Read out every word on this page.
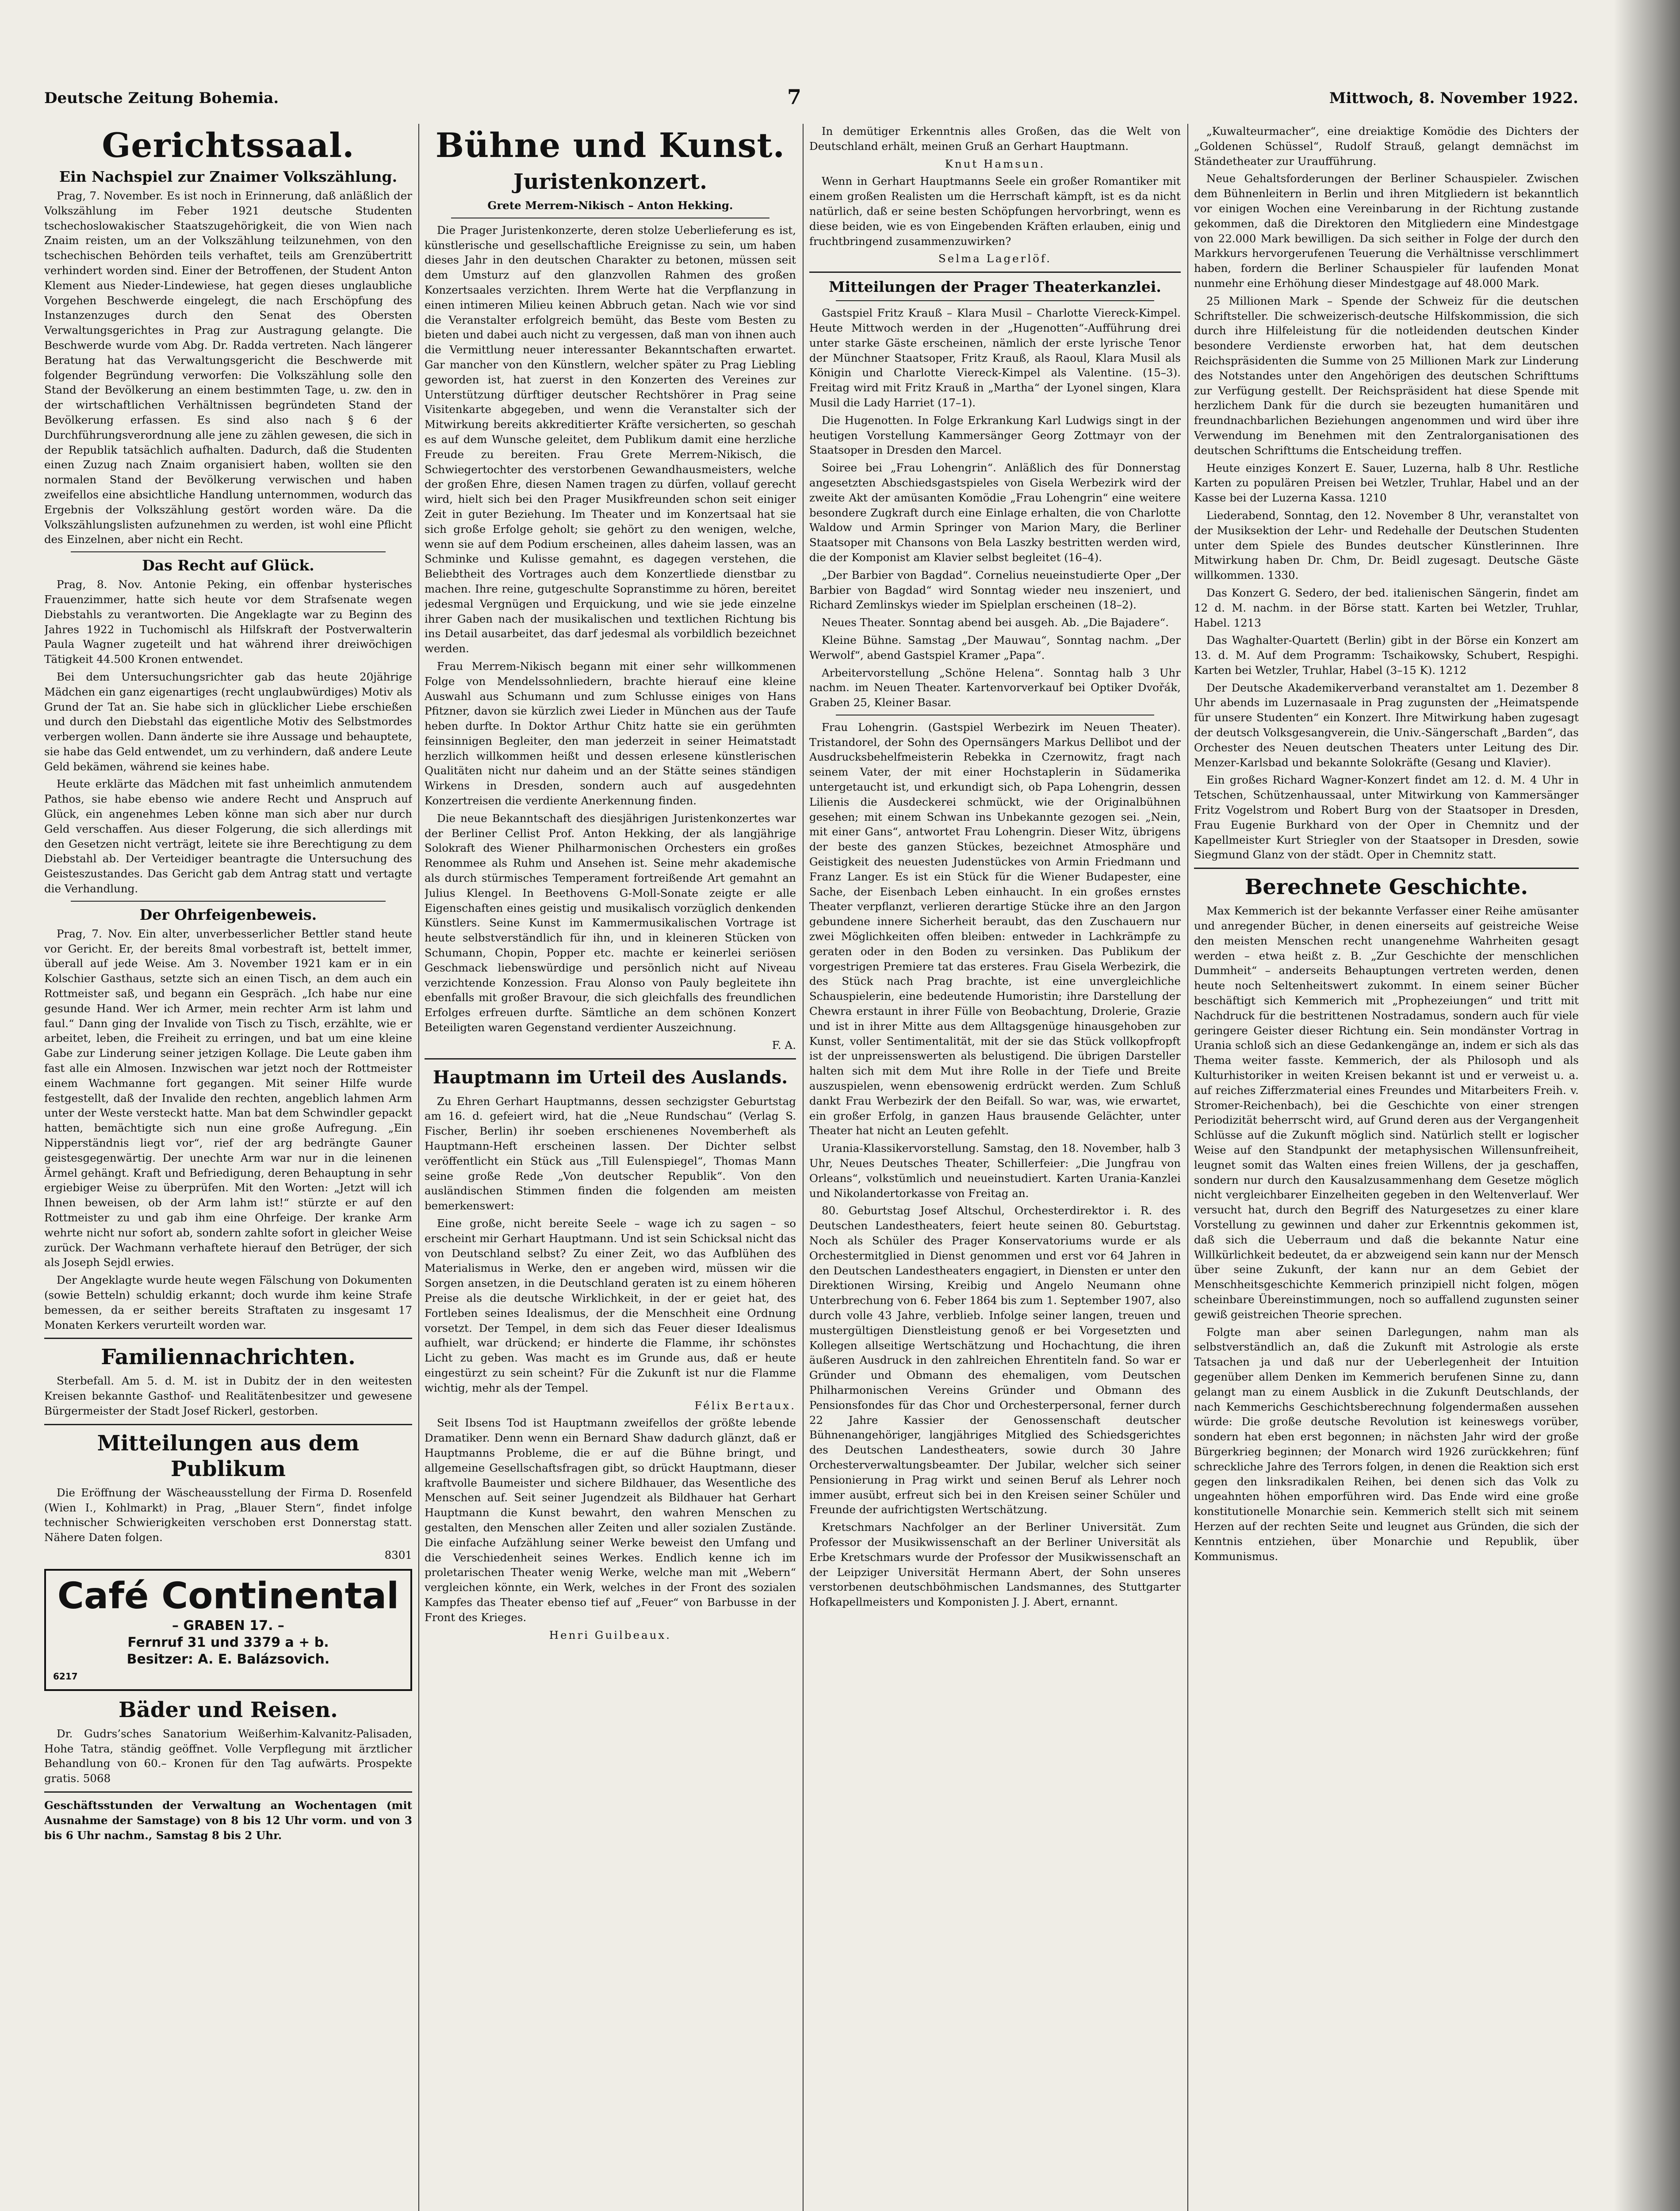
Deutsche Zeitung Bohemia.	7	Mittwoch, 8. November 1922.
Gerichtssaal.
Ein Nachspiel zur Znaimer Volkszählung.

Prag, 7. November. Es ist noch in Erinnerung, daß anläßlich der Volkszählung im Feber 1921 deutsche Studenten tschechoslowakischer Staatszugehörigkeit, die von Wien nach Znaim reisten, um an der Volkszählung teilzunehmen, von den tschechischen Behörden teils verhaftet, teils am Grenzübertritt verhindert worden sind. Einer der Betroffenen, der Student Anton Klement aus Nieder-Lindewiese, hat gegen dieses unglaubliche Vorgehen Beschwerde eingelegt, die nach Erschöpfung des Instanzenzuges durch den Senat des Obersten Verwaltungsgerichtes in Prag zur Austragung gelangte. Die Beschwerde wurde vom Abg. Dr. Radda vertreten. Nach längerer Beratung hat das Verwaltungsgericht die Beschwerde mit folgender Begründung verworfen: Die Volkszählung solle den Stand der Bevölkerung an einem bestimmten Tage, u. zw. den in der wirtschaftlichen Verhältnissen begründeten Stand der Bevölkerung erfassen. Es sind also nach § 6 der Durchführungsverordnung alle jene zu zählen gewesen, die sich in der Republik tatsächlich aufhalten. Dadurch, daß die Studenten einen Zuzug nach Znaim organisiert haben, wollten sie den normalen Stand der Bevölkerung verwischen und haben zweifellos eine absichtliche Handlung unternommen, wodurch das Ergebnis der Volkszählung gestört worden wäre. Da die Volkszählungslisten aufzunehmen zu werden, ist wohl eine Pflicht des Einzelnen, aber nicht ein Recht.

Das Recht auf Glück.

Prag, 8. Nov. Antonie Peking, ein offenbar hysterisches Frauenzimmer, hatte sich heute vor dem Strafsenate wegen Diebstahls zu verantworten. Die Angeklagte war zu Beginn des Jahres 1922 in Tuchomischl als Hilfskraft der Postverwalterin Paula Wagner zugeteilt und hat während ihrer dreiwöchigen Tätigkeit 44.500 Kronen entwendet.

Bei dem Untersuchungsrichter gab das heute 20jährige Mädchen ein ganz eigenartiges (recht unglaubwürdiges) Motiv als Grund der Tat an. Sie habe sich in glücklicher Liebe erschießen und durch den Diebstahl das eigentliche Motiv des Selbstmordes verbergen wollen. Dann änderte sie ihre Aussage und behauptete, sie habe das Geld entwendet, um zu verhindern, daß andere Leute Geld bekämen, während sie keines habe.

Heute erklärte das Mädchen mit fast unheimlich anmutendem Pathos, sie habe ebenso wie andere Recht und Anspruch auf Glück, ein angenehmes Leben könne man sich aber nur durch Geld verschaffen. Aus dieser Folgerung, die sich allerdings mit den Gesetzen nicht verträgt, leitete sie ihre Berechtigung zu dem Diebstahl ab. Der Verteidiger beantragte die Untersuchung des Geisteszustandes. Das Gericht gab dem Antrag statt und vertagte die Verhandlung.

Der Ohrfeigenbeweis.

Prag, 7. Nov. Ein alter, unverbesserlicher Bettler stand heute vor Gericht. Er, der bereits 8mal vorbestraft ist, bettelt immer, überall auf jede Weise. Am 3. November 1921 kam er in ein Kolschier Gasthaus, setzte sich an einen Tisch, an dem auch ein Rottmeister saß, und begann ein Gespräch. „Ich habe nur eine gesunde Hand. Wer ich Armer, mein rechter Arm ist lahm und faul.“ Dann ging der Invalide von Tisch zu Tisch, erzählte, wie er arbeitet, leben, die Freiheit zu erringen, und bat um eine kleine Gabe zur Linderung seiner jetzigen Kollage. Die Leute gaben ihm fast alle ein Almosen. Inzwischen war jetzt noch der Rottmeister einem Wachmanne fort gegangen. Mit seiner Hilfe wurde festgestellt, daß der Invalide den rechten, angeblich lahmen Arm unter der Weste versteckt hatte. Man bat dem Schwindler gepackt hatten, bemächtigte sich nun eine große Aufregung. „Ein Nipperständnis liegt vor“, rief der arg bedrängte Gauner geistesgegenwärtig. Der unechte Arm war nur in die leinenen Ärmel gehängt. Kraft und Befriedigung, deren Behauptung in sehr ergiebiger Weise zu überprüfen. Mit den Worten: „Jetzt will ich Ihnen beweisen, ob der Arm lahm ist!“ stürzte er auf den Rottmeister zu und gab ihm eine Ohrfeige. Der kranke Arm wehrte nicht nur sofort ab, sondern zahlte sofort in gleicher Weise zurück. Der Wachmann verhaftete hierauf den Betrüger, der sich als Joseph Sejdl erwies.

Der Angeklagte wurde heute wegen Fälschung von Dokumenten (sowie Betteln) schuldig erkannt; doch wurde ihm keine Strafe bemessen, da er seither bereits Straftaten zu insgesamt 17 Monaten Kerkers verurteilt worden war.

Familiennachrichten.

Sterbefall. Am 5. d. M. ist in Dubitz der in den weitesten Kreisen bekannte Gasthof- und Realitätenbesitzer und gewesene Bürgermeister der Stadt Josef Rickerl, gestorben.

Mitteilungen aus dem Publikum

Die Eröffnung der Wäscheausstellung der Firma D. Rosenfeld (Wien I., Kohlmarkt) in Prag, „Blauer Stern“, findet infolge technischer Schwierigkeiten verschoben erst Donnerstag statt. Nähere Daten folgen.

8301

Café Continental
– GRABEN 17. –
Fernruf 31 und 3379 a + b.
Besitzer: A. E. Balázsovich.
6217
Bäder und Reisen.

Dr. Gudrs’sches Sanatorium Weißerhim-Kalvanitz-Palisaden, Hohe Tatra, ständig geöffnet. Volle Verpflegung mit ärztlicher Behandlung von 60.– Kronen für den Tag aufwärts. Prospekte gratis. 5068

Geschäftsstunden der Verwaltung an Wochentagen (mit Ausnahme der Samstage) von 8 bis 12 Uhr vorm. und von 3 bis 6 Uhr nachm., Samstag 8 bis 2 Uhr.

Bühne und Kunst.
Juristenkonzert.

Grete Merrem-Nikisch – Anton Hekking.

Die Prager Juristenkonzerte, deren stolze Ueberlieferung es ist, künstlerische und gesellschaftliche Ereignisse zu sein, um haben dieses Jahr in den deutschen Charakter zu betonen, müssen seit dem Umsturz auf den glanzvollen Rahmen des großen Konzertsaales verzichten. Ihrem Werte hat die Verpflanzung in einen intimeren Milieu keinen Abbruch getan. Nach wie vor sind die Veranstalter erfolgreich bemüht, das Beste vom Besten zu bieten und dabei auch nicht zu vergessen, daß man von ihnen auch die Vermittlung neuer interessanter Bekanntschaften erwartet. Gar mancher von den Künstlern, welcher später zu Prag Liebling geworden ist, hat zuerst in den Konzerten des Vereines zur Unterstützung dürftiger deutscher Rechtshörer in Prag seine Visitenkarte abgegeben, und wenn die Veranstalter sich der Mitwirkung bereits akkreditierter Kräfte versicherten, so geschah es auf dem Wunsche geleitet, dem Publikum damit eine herzliche Freude zu bereiten. Frau Grete Merrem-Nikisch, die Schwiegertochter des verstorbenen Gewandhausmeisters, welche der großen Ehre, diesen Namen tragen zu dürfen, vollauf gerecht wird, hielt sich bei den Prager Musikfreunden schon seit einiger Zeit in guter Beziehung. Im Theater und im Konzertsaal hat sie sich große Erfolge geholt; sie gehört zu den wenigen, welche, wenn sie auf dem Podium erscheinen, alles daheim lassen, was an Schminke und Kulisse gemahnt, es dagegen verstehen, die Beliebtheit des Vortrages auch dem Konzertliede dienstbar zu machen. Ihre reine, gutgeschulte Sopranstimme zu hören, bereitet jedesmal Vergnügen und Erquickung, und wie sie jede einzelne ihrer Gaben nach der musikalischen und textlichen Richtung bis ins Detail ausarbeitet, das darf jedesmal als vorbildlich bezeichnet werden.

Frau Merrem-Nikisch begann mit einer sehr willkommenen Folge von Mendelssohnliedern, brachte hierauf eine kleine Auswahl aus Schumann und zum Schlusse einiges von Hans Pfitzner, davon sie kürzlich zwei Lieder in München aus der Taufe heben durfte. In Doktor Arthur Chitz hatte sie ein gerühmten feinsinnigen Begleiter, den man jederzeit in seiner Heimatstadt herzlich willkommen heißt und dessen erlesene künstlerischen Qualitäten nicht nur daheim und an der Stätte seines ständigen Wirkens in Dresden, sondern auch auf ausgedehnten Konzertreisen die verdiente Anerkennung finden.

Die neue Bekanntschaft des diesjährigen Juristenkonzertes war der Berliner Cellist Prof. Anton Hekking, der als langjährige Solokraft des Wiener Philharmonischen Orchesters ein großes Renommee als Ruhm und Ansehen ist. Seine mehr akademische als durch stürmisches Temperament fortreißende Art gemahnt an Julius Klengel. In Beethovens G-Moll-Sonate zeigte er alle Eigenschaften eines geistig und musikalisch vorzüglich denkenden Künstlers. Seine Kunst im Kammermusikalischen Vortrage ist heute selbstverständlich für ihn, und in kleineren Stücken von Schumann, Chopin, Popper etc. machte er keinerlei seriösen Geschmack liebenswürdige und persönlich nicht auf Niveau verzichtende Konzession. Frau Alonso von Pauly begleitete ihn ebenfalls mit großer Bravour, die sich gleichfalls des freundlichen Erfolges erfreuen durfte. Sämtliche an dem schönen Konzert Beteiligten waren Gegenstand verdienter Auszeichnung.

F. A.

Hauptmann im Urteil des Auslands.

Zu Ehren Gerhart Hauptmanns, dessen sechzigster Geburtstag am 16. d. gefeiert wird, hat die „Neue Rundschau“ (Verlag S. Fischer, Berlin) ihr soeben erschienenes Novemberheft als Hauptmann-Heft erscheinen lassen. Der Dichter selbst veröffentlicht ein Stück aus „Till Eulenspiegel“, Thomas Mann seine große Rede „Von deutscher Republik“. Von den ausländischen Stimmen finden die folgenden am meisten bemerkenswert:

Eine große, nicht bereite Seele – wage ich zu sagen – so erscheint mir Gerhart Hauptmann. Und ist sein Schicksal nicht das von Deutschland selbst? Zu einer Zeit, wo das Aufblühen des Materialismus in Werke, den er angeben wird, müssen wir die Sorgen ansetzen, in die Deutschland geraten ist zu einem höheren Preise als die deutsche Wirklichkeit, in der er geiet hat, des Fortleben seines Idealismus, der die Menschheit eine Ordnung vorsetzt. Der Tempel, in dem sich das Feuer dieser Idealismus aufhielt, war drückend; er hinderte die Flamme, ihr schönstes Licht zu geben. Was macht es im Grunde aus, daß er heute eingestürzt zu sein scheint? Für die Zukunft ist nur die Flamme wichtig, mehr als der Tempel.

Félix Bertaux.

Seit Ibsens Tod ist Hauptmann zweifellos der größte lebende Dramatiker. Denn wenn ein Bernard Shaw dadurch glänzt, daß er Hauptmanns Probleme, die er auf die Bühne bringt, und allgemeine Gesellschaftsfragen gibt, so drückt Hauptmann, dieser kraftvolle Baumeister und sichere Bildhauer, das Wesentliche des Menschen auf. Seit seiner Jugendzeit als Bildhauer hat Gerhart Hauptmann die Kunst bewahrt, den wahren Menschen zu gestalten, den Menschen aller Zeiten und aller sozialen Zustände. Die einfache Aufzählung seiner Werke beweist den Umfang und die Verschiedenheit seines Werkes. Endlich kenne ich im proletarischen Theater wenig Werke, welche man mit „Webern“ vergleichen könnte, ein Werk, welches in der Front des sozialen Kampfes das Theater ebenso tief auf „Feuer“ von Barbusse in der Front des Krieges.

Henri Guilbeaux.

In demütiger Erkenntnis alles Großen, das die Welt von Deutschland erhält, meinen Gruß an Gerhart Hauptmann.

Knut Hamsun.

Wenn in Gerhart Hauptmanns Seele ein großer Romantiker mit einem großen Realisten um die Herrschaft kämpft, ist es da nicht natürlich, daß er seine besten Schöpfungen hervorbringt, wenn es diese beiden, wie es von Eingebenden Kräften erlauben, einig und fruchtbringend zusammenzuwirken?

Selma Lagerlöf.

Mitteilungen der Prager Theaterkanzlei.

Gastspiel Fritz Krauß – Klara Musil – Charlotte Viereck-Kimpel. Heute Mittwoch werden in der „Hugenotten“-Aufführung drei unter starke Gäste erscheinen, nämlich der erste lyrische Tenor der Münchner Staatsoper, Fritz Krauß, als Raoul, Klara Musil als Königin und Charlotte Viereck-Kimpel als Valentine. (15–3). Freitag wird mit Fritz Krauß in „Martha“ der Lyonel singen, Klara Musil die Lady Harriet (17–1).

Die Hugenotten. In Folge Erkrankung Karl Ludwigs singt in der heutigen Vorstellung Kammersänger Georg Zottmayr von der Staatsoper in Dresden den Marcel.

Soiree bei „Frau Lohengrin“. Anläßlich des für Donnerstag angesetzten Abschiedsgastspieles von Gisela Werbezirk wird der zweite Akt der amüsanten Komödie „Frau Lohengrin“ eine weitere besondere Zugkraft durch eine Einlage erhalten, die von Charlotte Waldow und Armin Springer von Marion Mary, die Berliner Staatsoper mit Chansons von Bela Laszky bestritten werden wird, die der Komponist am Klavier selbst begleitet (16–4).

„Der Barbier von Bagdad“. Cornelius neueinstudierte Oper „Der Barbier von Bagdad“ wird Sonntag wieder neu inszeniert, und Richard Zemlinskys wieder im Spielplan erscheinen (18–2).

Neues Theater. Sonntag abend bei ausgeh. Ab. „Die Bajadere“.

Kleine Bühne. Samstag „Der Mauwau“, Sonntag nachm. „Der Werwolf“, abend Gastspiel Kramer „Papa“.

Arbeitervorstellung „Schöne Helena“. Sonntag halb 3 Uhr nachm. im Neuen Theater. Kartenvorverkauf bei Optiker Dvořák, Graben 25, Kleiner Basar.

Frau Lohengrin. (Gastspiel Werbezirk im Neuen Theater). Tristandorel, der Sohn des Opernsängers Markus Dellibot und der Ausdrucksbehelfmeisterin Rebekka in Czernowitz, fragt nach seinem Vater, der mit einer Hochstaplerin in Südamerika untergetaucht ist, und erkundigt sich, ob Papa Lohengrin, dessen Lilienis die Ausdeckerei schmückt, wie der Originalbühnen gesehen; mit einem Schwan ins Unbekannte gezogen sei. „Nein, mit einer Gans“, antwortet Frau Lohengrin. Dieser Witz, übrigens der beste des ganzen Stückes, bezeichnet Atmosphäre und Geistigkeit des neuesten Judenstückes von Armin Friedmann und Franz Langer. Es ist ein Stück für die Wiener Budapester, eine Sache, der Eisenbach Leben einhaucht. In ein großes ernstes Theater verpflanzt, verlieren derartige Stücke ihre an den Jargon gebundene innere Sicherheit beraubt, das den Zuschauern nur zwei Möglichkeiten offen bleiben: entweder in Lachkrämpfe zu geraten oder in den Boden zu versinken. Das Publikum der vorgestrigen Premiere tat das ersteres. Frau Gisela Werbezirk, die des Stück nach Prag brachte, ist eine unvergleichliche Schauspielerin, eine bedeutende Humoristin; ihre Darstellung der Chewra erstaunt in ihrer Fülle von Beobachtung, Drolerie, Grazie und ist in ihrer Mitte aus dem Alltagsgenüge hinausgehoben zur Kunst, voller Sentimentalität, mit der sie das Stück vollkopfropft ist der unpreissenswerten als belustigend. Die übrigen Darsteller halten sich mit dem Mut ihre Rolle in der Tiefe und Breite auszuspielen, wenn ebensowenig erdrückt werden. Zum Schluß dankt Frau Werbezirk der den Beifall. So war, was, wie erwartet, ein großer Erfolg, in ganzen Haus brausende Gelächter, unter Theater hat nicht an Leuten gefehlt.

Urania-Klassikervorstellung. Samstag, den 18. November, halb 3 Uhr, Neues Deutsches Theater, Schillerfeier: „Die Jungfrau von Orleans“, volkstümlich und neueinstudiert. Karten Urania-Kanzlei und Nikolandertorkasse von Freitag an.

80. Geburtstag Josef Altschul, Orchesterdirektor i. R. des Deutschen Landestheaters, feiert heute seinen 80. Geburtstag. Noch als Schüler des Prager Konservatoriums wurde er als Orchestermitglied in Dienst genommen und erst vor 64 Jahren in den Deutschen Landestheaters engagiert, in Diensten er unter den Direktionen Wirsing, Kreibig und Angelo Neumann ohne Unterbrechung von 6. Feber 1864 bis zum 1. September 1907, also durch volle 43 Jahre, verblieb. Infolge seiner langen, treuen und mustergültigen Dienstleistung genoß er bei Vorgesetzten und Kollegen allseitige Wertschätzung und Hochachtung, die ihren äußeren Ausdruck in den zahlreichen Ehrentiteln fand. So war er Gründer und Obmann des ehemaligen, vom Deutschen Philharmonischen Vereins Gründer und Obmann des Pensionsfondes für das Chor und Orchesterpersonal, ferner durch 22 Jahre Kassier der Genossenschaft deutscher Bühnenangehöriger, langjähriges Mitglied des Schiedsgerichtes des Deutschen Landestheaters, sowie durch 30 Jahre Orchesterverwaltungsbeamter. Der Jubilar, welcher sich seiner Pensionierung in Prag wirkt und seinen Beruf als Lehrer noch immer ausübt, erfreut sich bei in den Kreisen seiner Schüler und Freunde der aufrichtigsten Wertschätzung.

Kretschmars Nachfolger an der Berliner Universität. Zum Professor der Musikwissenschaft an der Berliner Universität als Erbe Kretschmars wurde der Professor der Musikwissenschaft an der Leipziger Universität Hermann Abert, der Sohn unseres verstorbenen deutschböhmischen Landsmannes, des Stuttgarter Hofkapellmeisters und Komponisten J. J. Abert, ernannt.

„Kuwalteurmacher“, eine dreiaktige Komödie des Dichters der „Goldenen Schüssel“, Rudolf Strauß, gelangt demnächst im Ständetheater zur Uraufführung.

Neue Gehaltsforderungen der Berliner Schauspieler. Zwischen dem Bühnenleitern in Berlin und ihren Mitgliedern ist bekanntlich vor einigen Wochen eine Vereinbarung in der Richtung zustande gekommen, daß die Direktoren den Mitgliedern eine Mindestgage von 22.000 Mark bewilligen. Da sich seither in Folge der durch den Markkurs hervorgerufenen Teuerung die Verhältnisse verschlimmert haben, fordern die Berliner Schauspieler für laufenden Monat nunmehr eine Erhöhung dieser Mindestgage auf 48.000 Mark.

25 Millionen Mark – Spende der Schweiz für die deutschen Schriftsteller. Die schweizerisch-deutsche Hilfskommission, die sich durch ihre Hilfeleistung für die notleidenden deutschen Kinder besondere Verdienste erworben hat, hat dem deutschen Reichspräsidenten die Summe von 25 Millionen Mark zur Linderung des Notstandes unter den Angehörigen des deutschen Schrifttums zur Verfügung gestellt. Der Reichspräsident hat diese Spende mit herzlichem Dank für die durch sie bezeugten humanitären und freundnachbarlichen Beziehungen angenommen und wird über ihre Verwendung im Benehmen mit den Zentralorganisationen des deutschen Schrifttums die Entscheidung treffen.

Heute einziges Konzert E. Sauer, Luzerna, halb 8 Uhr. Restliche Karten zu populären Preisen bei Wetzler, Truhlar, Habel und an der Kasse bei der Luzerna Kassa. 1210

Liederabend, Sonntag, den 12. November 8 Uhr, veranstaltet von der Musiksektion der Lehr- und Redehalle der Deutschen Studenten unter dem Spiele des Bundes deutscher Künstlerinnen. Ihre Mitwirkung haben Dr. Chm, Dr. Beidl zugesagt. Deutsche Gäste willkommen. 1330.

Das Konzert G. Sedero, der bed. italienischen Sängerin, findet am 12 d. M. nachm. in der Börse statt. Karten bei Wetzler, Truhlar, Habel. 1213

Das Waghalter-Quartett (Berlin) gibt in der Börse ein Konzert am 13. d. M. Auf dem Programm: Tschaikowsky, Schubert, Respighi. Karten bei Wetzler, Truhlar, Habel (3–15 K). 1212

Der Deutsche Akademikerverband veranstaltet am 1. Dezember 8 Uhr abends im Luzernasaale in Prag zugunsten der „Heimatspende für unsere Studenten“ ein Konzert. Ihre Mitwirkung haben zugesagt der deutsch Volksgesangverein, die Univ.-Sängerschaft „Barden“, das Orchester des Neuen deutschen Theaters unter Leitung des Dir. Menzer-Karlsbad und bekannte Solokräfte (Gesang und Klavier).

Ein großes Richard Wagner-Konzert findet am 12. d. M. 4 Uhr in Tetschen, Schützenhaussaal, unter Mitwirkung von Kammersänger Fritz Vogelstrom und Robert Burg von der Staatsoper in Dresden, Frau Eugenie Burkhard von der Oper in Chemnitz und der Kapellmeister Kurt Striegler von der Staatsoper in Dresden, sowie Siegmund Glanz von der städt. Oper in Chemnitz statt.

Berechnete Geschichte.

Max Kemmerich ist der bekannte Verfasser einer Reihe amüsanter und anregender Bücher, in denen einerseits auf geistreiche Weise den meisten Menschen recht unangenehme Wahrheiten gesagt werden – etwa heißt z. B. „Zur Geschichte der menschlichen Dummheit“ – anderseits Behauptungen vertreten werden, denen heute noch Seltenheitswert zukommt. In einem seiner Bücher beschäftigt sich Kemmerich mit „Prophezeiungen“ und tritt mit Nachdruck für die bestrittenen Nostradamus, sondern auch für viele geringere Geister dieser Richtung ein. Sein mondänster Vortrag in Urania schloß sich an diese Gedankengänge an, indem er sich als das Thema weiter fasste. Kemmerich, der als Philosoph und als Kulturhistoriker in weiten Kreisen bekannt ist und er verweist u. a. auf reiches Zifferzmaterial eines Freundes und Mitarbeiters Freih. v. Stromer-Reichenbach), bei die Geschichte von einer strengen Periodizität beherrscht wird, auf Grund deren aus der Vergangenheit Schlüsse auf die Zukunft möglich sind. Natürlich stellt er logischer Weise auf den Standpunkt der metaphysischen Willensunfreiheit, leugnet somit das Walten eines freien Willens, der ja geschaffen, sondern nur durch den Kausalzusammenhang dem Gesetze möglich nicht vergleichbarer Einzelheiten gegeben in den Weltenverlauf. Wer versucht hat, durch den Begriff des Naturgesetzes zu einer klare Vorstellung zu gewinnen und daher zur Erkenntnis gekommen ist, daß sich die Ueberraum und daß die bekannte Natur eine Willkürlichkeit bedeutet, da er abzweigend sein kann nur der Mensch über seine Zukunft, der kann nur an dem Gebiet der Menschheitsgeschichte Kemmerich prinzipiell nicht folgen, mögen scheinbare Übereinstimmungen, noch so auffallend zugunsten seiner gewiß geistreichen Theorie sprechen.

Folgte man aber seinen Darlegungen, nahm man als selbstverständlich an, daß die Zukunft mit Astrologie als erste Tatsachen ja und daß nur der Ueberlegenheit der Intuition gegenüber allem Denken im Kemmerich berufenen Sinne zu, dann gelangt man zu einem Ausblick in die Zukunft Deutschlands, der nach Kemmerichs Geschichtsberechnung folgendermaßen aussehen würde: Die große deutsche Revolution ist keineswegs vorüber, sondern hat eben erst begonnen; in nächsten Jahr wird der große Bürgerkrieg beginnen; der Monarch wird 1926 zurückkehren; fünf schreckliche Jahre des Terrors folgen, in denen die Reaktion sich erst gegen den linksradikalen Reihen, bei denen sich das Volk zu ungeahnten höhen emporführen wird. Das Ende wird eine große konstitutionelle Monarchie sein. Kemmerich stellt sich mit seinem Herzen auf der rechten Seite und leugnet aus Gründen, die sich der Kenntnis entziehen, über Monarchie und Republik, über Kommunismus.
